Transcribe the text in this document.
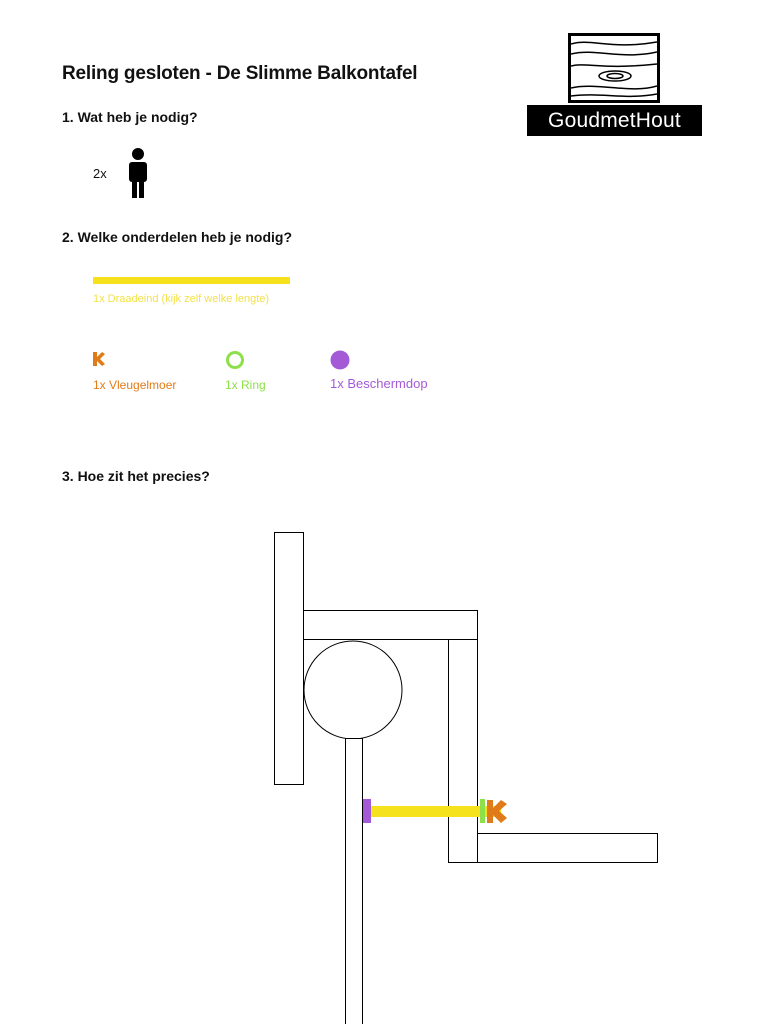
Reling gesloten - De Slimme Balkontafel
GoudmetHout
1. Wat heb je nodig?
2x
2. Welke onderdelen heb je nodig?
1x Draadeind (kijk zelf welke lengte)
1x Vleugelmoer	1x Ring	1x Beschermdop
3. Hoe zit het precies?
